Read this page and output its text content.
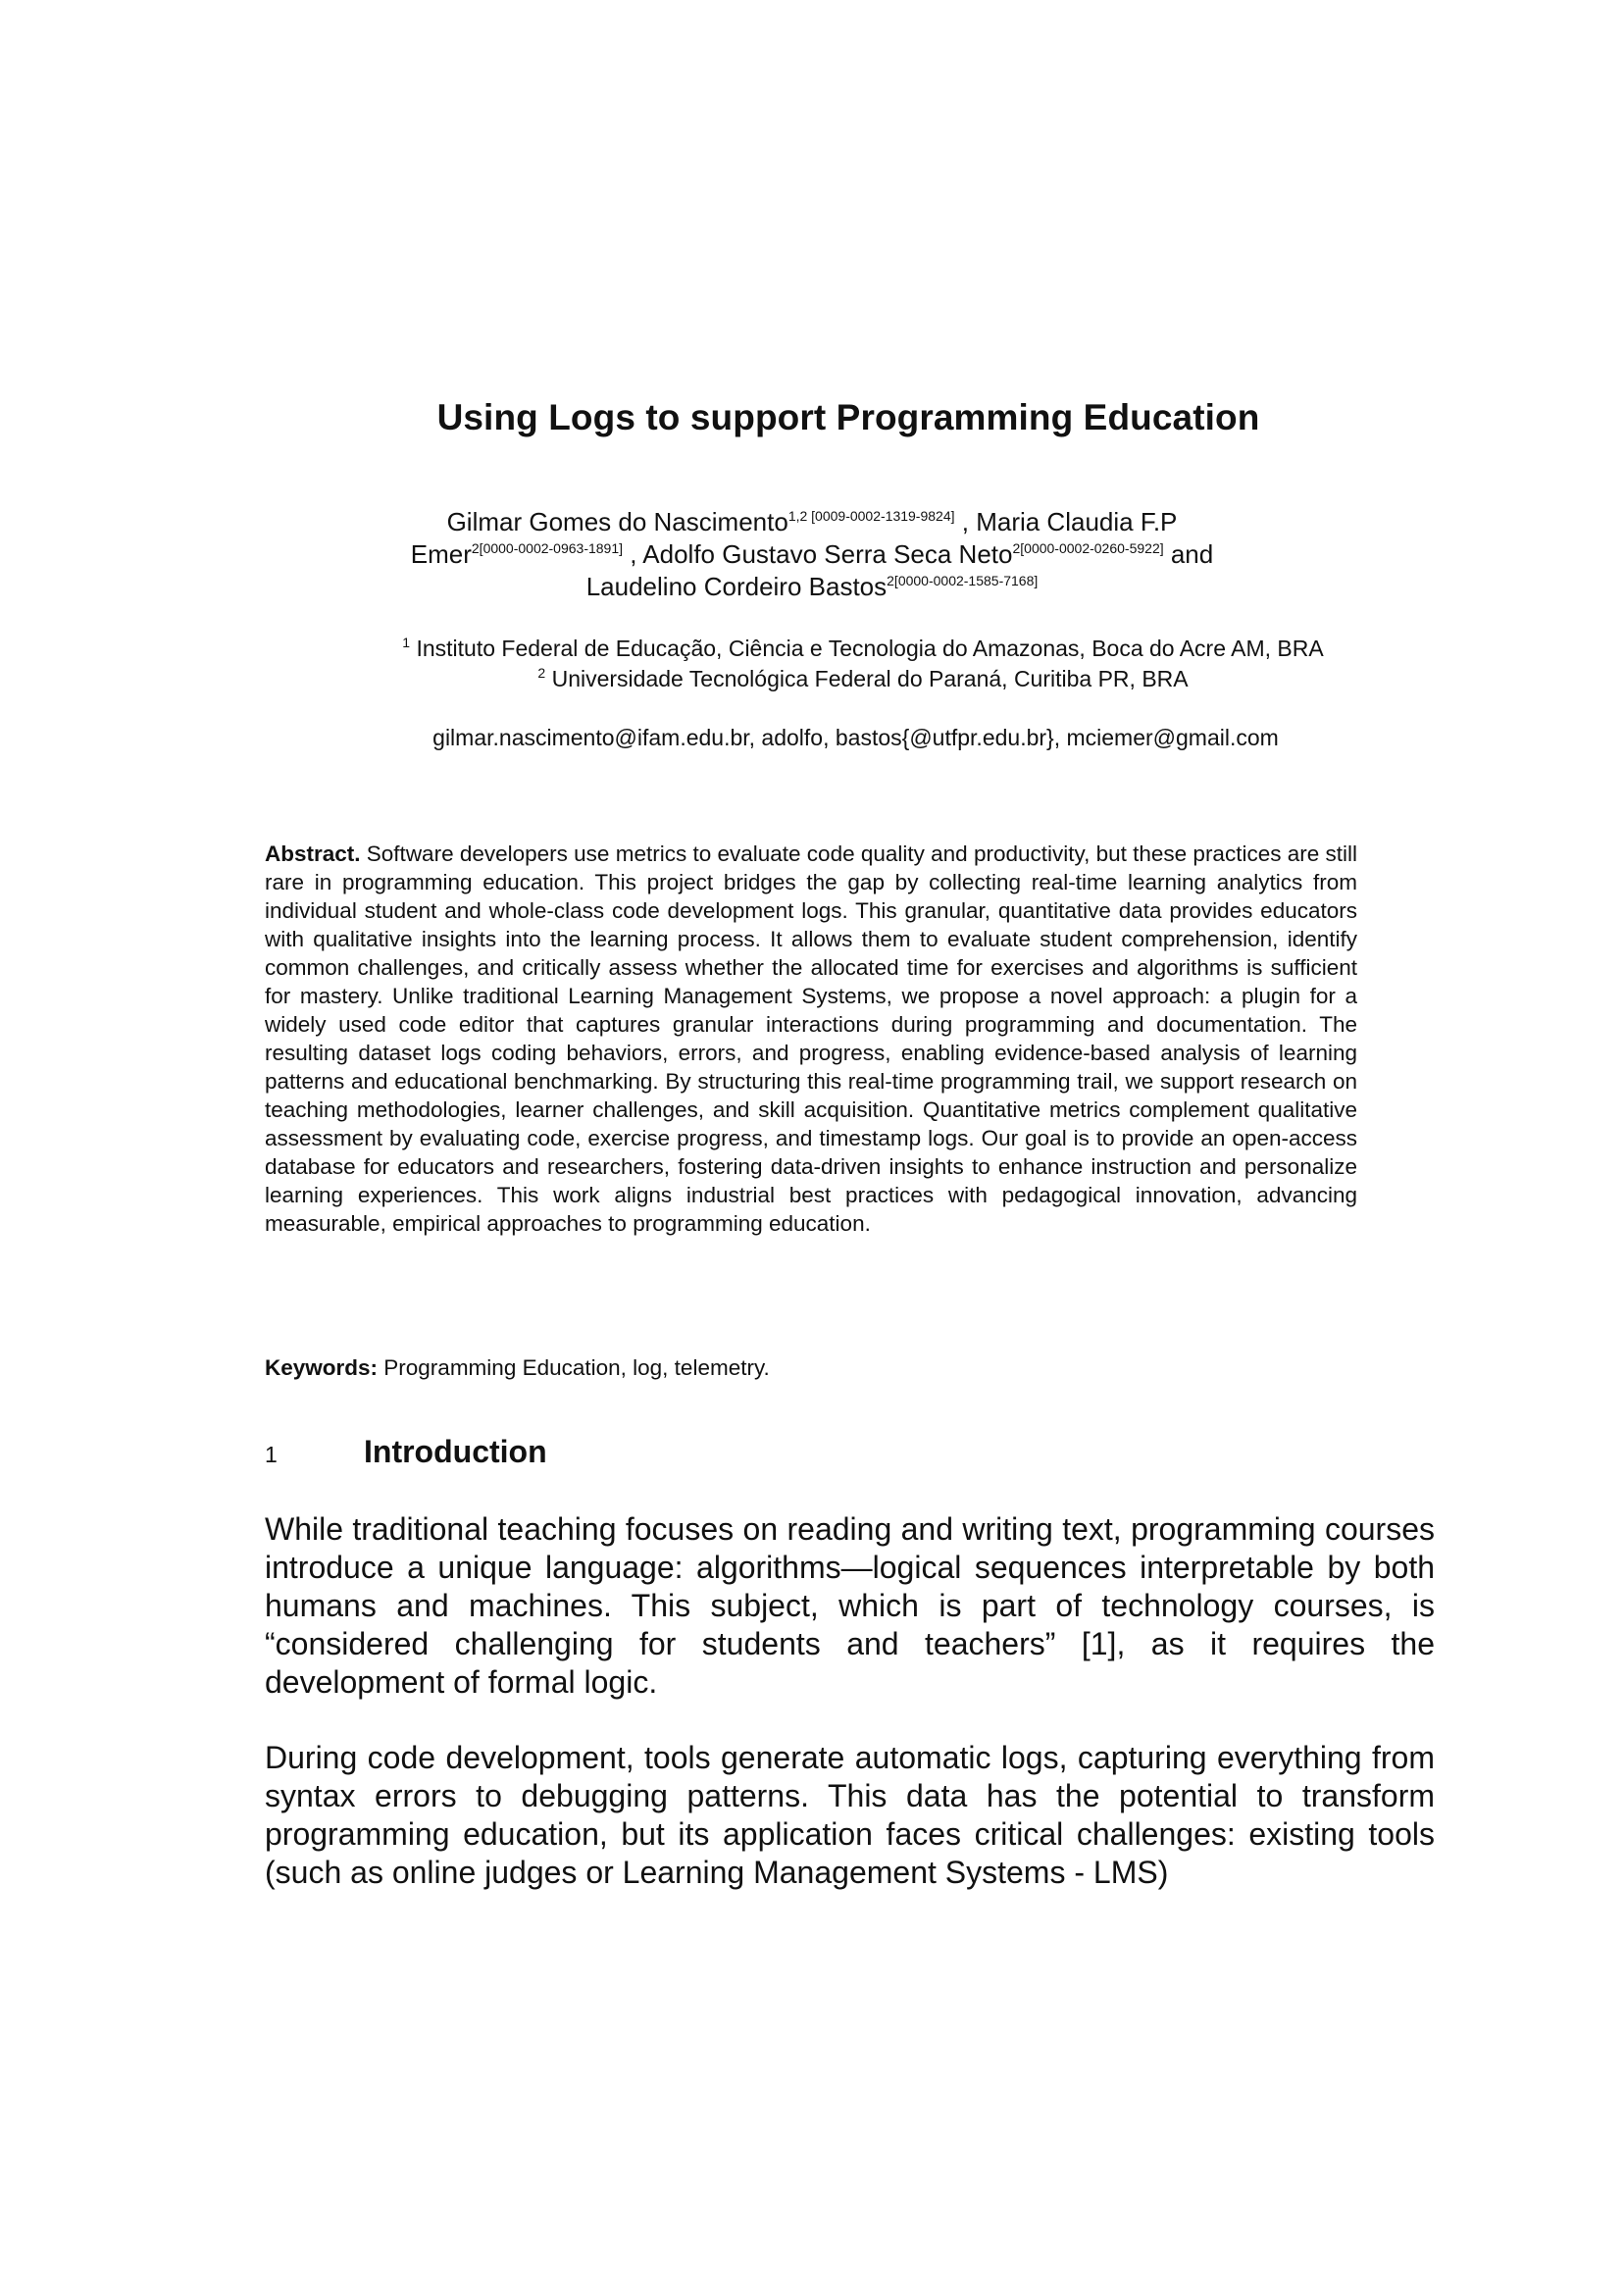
Using Logs to support Programming Education
Gilmar Gomes do Nascimento$^{1,2 [0009-0002-1319-9824]}$ , Maria Claudia F.P
Emer$^{2[0000-0002-0963-1891]}$ , Adolfo Gustavo Serra Seca Neto$^{2[0000-0002-0260-5922]}$ and
Laudelino Cordeiro Bastos$^{2[0000-0002-1585-7168]}$
$^1$ Instituto Federal de Educação, Ciência e Tecnologia do Amazonas, Boca do Acre AM, BRA
$^2$ Universidade Tecnológica Federal do Paraná, Curitiba PR, BRA
gilmar.nascimento@ifam.edu.br, adolfo, bastos{@utfpr.edu.br}, mciemer@gmail.com

Abstract. Software developers use metrics to evaluate code quality and productivity, but these practices are still rare in programming education. This project bridges the gap by collecting real-time learning analytics from individual student and whole-class code development logs. This granular, quantitative data provides educators with qualitative insights into the learning process. It allows them to evaluate student comprehension, identify common challenges, and critically assess whether the allocated time for exercises and algorithms is sufficient for mastery. Unlike traditional Learning Management Systems, we propose a novel approach: a plugin for a widely used code editor that captures granular interactions during programming and documentation. The resulting dataset logs coding behaviors, errors, and progress, enabling evidence-based analysis of learning patterns and educational benchmarking. By structuring this real-time programming trail, we support research on teaching methodologies, learner challenges, and skill acquisition. Quantitative metrics complement qualitative assessment by evaluating code, exercise progress, and timestamp logs. Our goal is to provide an open-access database for educators and researchers, fostering data-driven insights to enhance instruction and personalize learning experiences. This work aligns industrial best practices with pedagogical innovation, advancing measurable, empirical approaches to programming education.

Keywords: Programming Education, log, telemetry.

1	Introduction

While traditional teaching focuses on reading and writing text, programming courses introduce a unique language: algorithms—logical sequences interpretable by both humans and machines. This subject, which is part of technology courses, is “considered challenging for students and teachers” [1], as it requires the development of formal logic.

During code development, tools generate automatic logs, capturing everything from syntax errors to debugging patterns. This data has the potential to transform programming education, but its application faces critical challenges: existing tools (such as online judges or Learning Management Systems - LMS)
